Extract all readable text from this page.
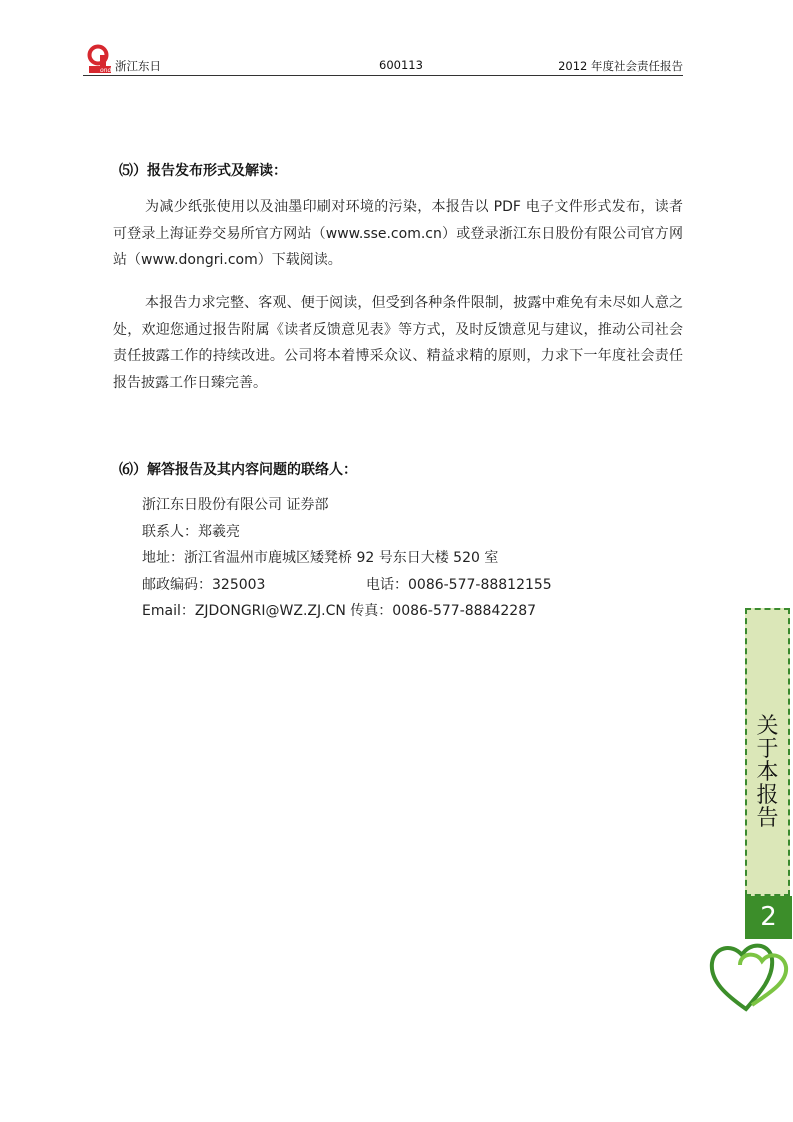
ond 浙江东日	600113	2012 年度社会责任报告
⑸）报告发布形式及解读：
为减少纸张使用以及油墨印刷对环境的污染，本报告以 PDF 电子文件形式发布，读者可登录上海证券交易所官方网站（www.sse.com.cn）或登录浙江东日股份有限公司官方网站（www.dongri.com）下载阅读。
本报告力求完整、客观、便于阅读，但受到各种条件限制，披露中难免有未尽如人意之处，欢迎您通过报告附属《读者反馈意见表》等方式，及时反馈意见与建议，推动公司社会责任披露工作的持续改进。公司将本着博采众议、精益求精的原则，力求下一年度社会责任报告披露工作日臻完善。
⑹）解答报告及其内容问题的联络人：
浙江东日股份有限公司 证券部
联系人：郑羲亮
地址：浙江省温州市鹿城区矮凳桥 92 号东日大楼 520 室
邮政编码：325003	电话：0086-577-88812155
Email：ZJDONGRI@WZ.ZJ.CN 传真：0086-577-88842287
关
于
本
报
告
2
